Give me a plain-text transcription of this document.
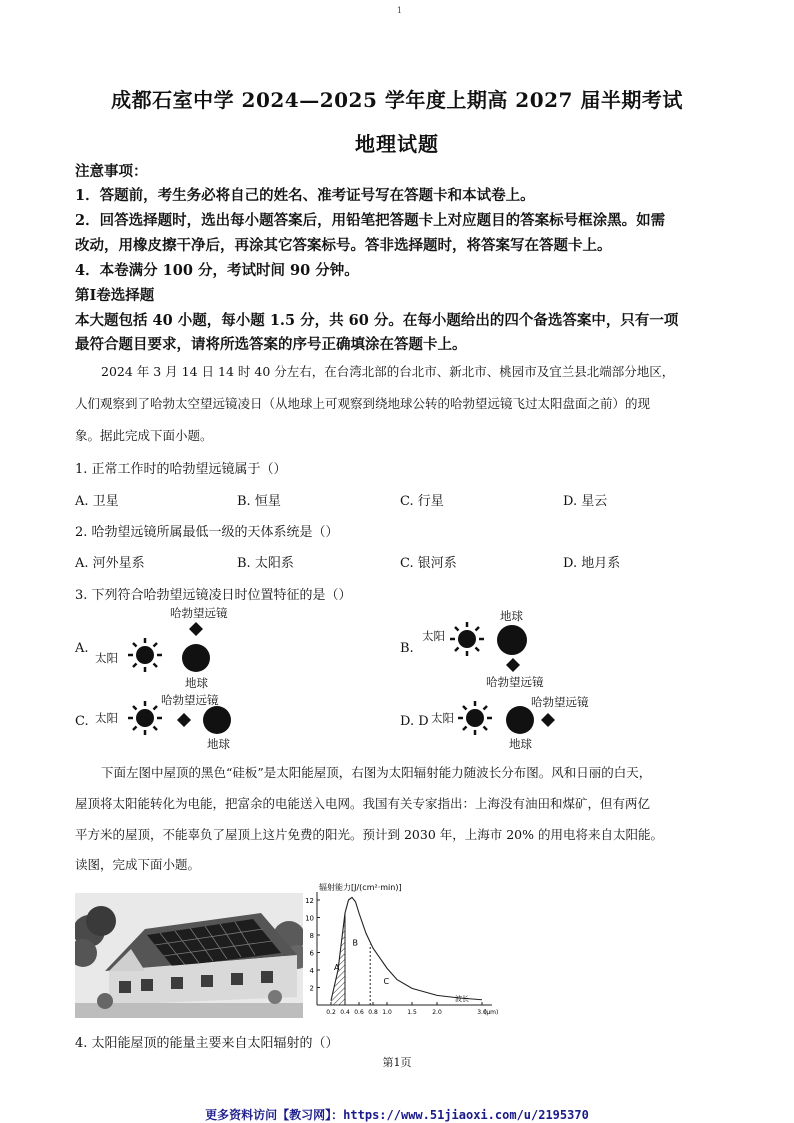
1
成都石室中学 2024—2025 学年度上期高 2027 届半期考试
地理试题
注意事项：
1．答题前，考生务必将自己的姓名、准考证号写在答题卡和本试卷上。
2．回答选择题时，选出每小题答案后，用铅笔把答题卡上对应题目的答案标号框涂黑。如需
改动，用橡皮擦干净后，再涂其它答案标号。答非选择题时，将答案写在答题卡上。
4．本卷满分 100 分，考试时间 90 分钟。
第Ⅰ卷选择题
本大题包括 40 小题，每小题 1.5 分，共 60 分。在每小题给出的四个备选答案中，只有一项
最符合题目要求，请将所选答案的序号正确填涂在答题卡上。
2024 年 3 月 14 日 14 时 40 分左右，在台湾北部的台北市、新北市、桃园市及宜兰县北端部分地区，
人们观察到了哈勃太空望远镜凌日（从地球上可观察到绕地球公转的哈勃望远镜飞过太阳盘面之前）的现
象。据此完成下面小题。
1. 正常工作时的哈勃望远镜属于（）
A. 卫星	B. 恒星	C. 行星	D. 星云
2. 哈勃望远镜所属最低一级的天体系统是（）
A. 河外星系	B. 太阳系	C. 银河系	D. 地月系
3. 下列符合哈勃望远镜凌日时位置特征的是（）
A.
太阳
哈勃望远镜
地球
B.
太阳
地球
哈勃望远镜
C. 太阳
哈勃望远镜
地球
D. D 太阳
地球
哈勃望远镜
下面左图中屋顶的黑色“硅板”是太阳能屋顶，右图为太阳辐射能力随波长分布图。风和日丽的白天，
屋顶将太阳能转化为电能，把富余的电能送入电网。我国有关专家指出：上海没有油田和煤矿，但有两亿
平方米的屋顶，不能辜负了屋顶上这片免费的阳光。预计到 2030 年，上海市 20% 的用电将来自太阳能。
读图，完成下面小题。
辐射能力[J/(cm²·min)]
2
4
6
8
10
12
0.2 0.4 0.6 0.8 1.0	1.5	2.0	3.0
A
B
C
波长
(μm)
4. 太阳能屋顶的能量主要来自太阳辐射的（）
第1页
更多资料访问【教习网】：https://www.51jiaoxi.com/u/2195370
